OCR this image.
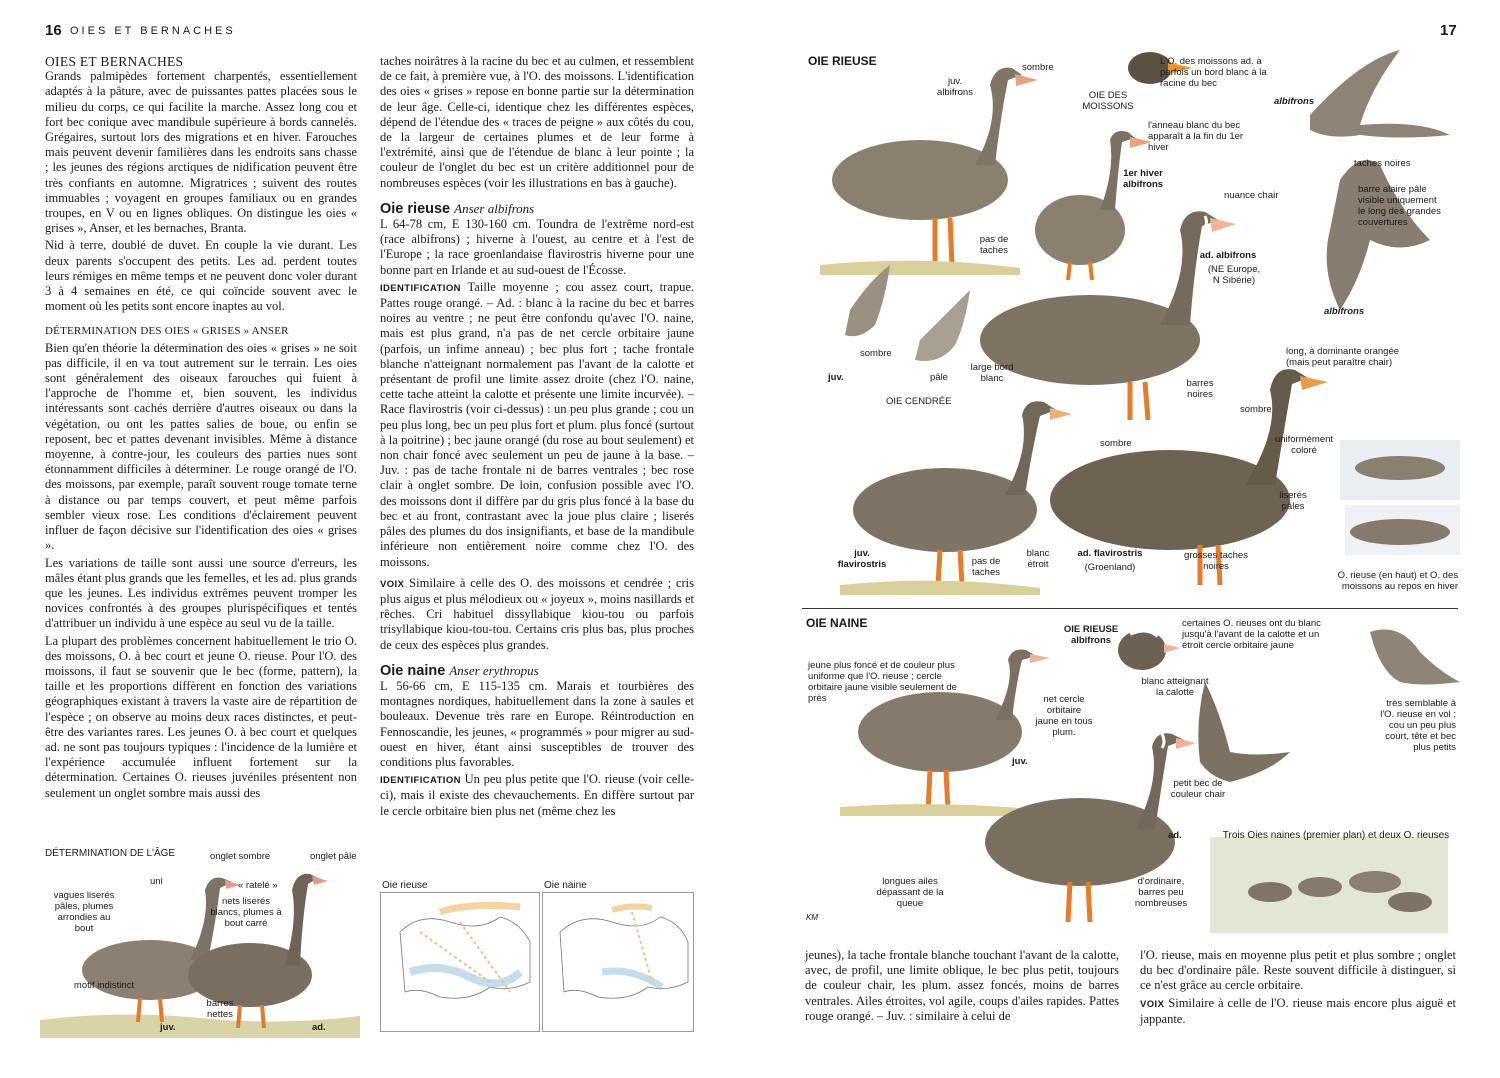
16 OIES ET BERNACHES
OIES ET BERNACHES

Grands palmipèdes fortement charpentés, essentiellement adaptés à la pâture, avec de puissantes pattes placées sous le milieu du corps, ce qui facilite la marche. Assez long cou et fort bec conique avec mandibule supérieure à bords cannelés. Grégaires, surtout lors des migrations et en hiver. Farouches mais peuvent devenir familières dans les endroits sans chasse ; les jeunes des régions arctiques de nidification peuvent être très confiants en automne. Migratrices ; suivent des routes immuables ; voyagent en groupes familiaux ou en grandes troupes, en V ou en lignes obliques. On distingue les oies « grises », Anser, et les bernaches, Branta.

Nid à terre, doublé de duvet. En couple la vie durant. Les deux parents s'occupent des petits. Les ad. perdent toutes leurs rémiges en même temps et ne peuvent donc voler durant 3 à 4 semaines en été, ce qui coïncide souvent avec le moment où les petits sont encore inaptes au vol.

DÉTERMINATION DES OIES « GRISES » ANSER

Bien qu'en théorie la détermination des oies « grises » ne soit pas difficile, il en va tout autrement sur le terrain. Les oies sont généralement des oiseaux farouches qui fuient à l'approche de l'homme et, bien souvent, les individus intéressants sont cachés derrière d'autres oiseaux ou dans la végétation, ou ont les pattes salies de boue, ou enfin se reposent, bec et pattes devenant invisibles. Même à distance moyenne, à contre-jour, les couleurs des parties nues sont étonnamment difficiles à déterminer. Le rouge orangé de l'O. des moissons, par exemple, paraît souvent rouge tomate terne à distance ou par temps couvert, et peut même parfois sembler vieux rose. Les conditions d'éclairement peuvent influer de façon décisive sur l'identification des oies « grises ».

Les variations de taille sont aussi une source d'erreurs, les mâles étant plus grands que les femelles, et les ad. plus grands que les jeunes. Les individus extrêmes peuvent tromper les novices confrontés à des groupes plurispécifiques et tentés d'attribuer un individu à une espèce au seul vu de la taille.

La plupart des problèmes concernent habituellement le trio O. des moissons, O. à bec court et jeune O. rieuse. Pour l'O. des moissons, il faut se souvenir que le bec (forme, pattern), la taille et les proportions diffèrent en fonction des variations géographiques existant à travers la vaste aire de répartition de l'espèce ; on observe au moins deux races distinctes, et peut-être des variantes rares. Les jeunes O. à bec court et quelques ad. ne sont pas toujours typiques : l'incidence de la lumière et l'expérience accumulée influent fortement sur la détermination. Certaines O. rieuses juvéniles présentent non seulement un onglet sombre mais aussi des

DÉTERMINATION DE L'ÂGE
uni
onglet sombre	onglet pâle
« ratelé »
vagues liserés pâles, plumes arrondies au bout
nets liserés blancs, plumes à bout carré
motif indistinct
barres nettes
juv.	ad.

taches noirâtres à la racine du bec et au culmen, et ressemblent de ce fait, à première vue, à l'O. des moissons. L'identification des oies « grises » repose en bonne partie sur la détermination de leur âge. Celle-ci, identique chez les différentes espèces, dépend de l'étendue des « traces de peigne » aux côtés du cou, de la largeur de certaines plumes et de leur forme à l'extrémité, ainsi que de l'étendue de blanc à leur pointe ; la couleur de l'onglet du bec est un critère additionnel pour de nombreuses espèces (voir les illustrations en bas à gauche).

Oie rieuse Anser albifrons

L 64-78 cm, E 130-160 cm. Toundra de l'extrême nord-est (race albifrons) ; hiverne à l'ouest, au centre et à l'est de l'Europe ; la race groenlandaise flavirostris hiverne pour une bonne part en Irlande et au sud-ouest de l'Écosse.

IDENTIFICATION Taille moyenne ; cou assez court, trapue. Pattes rouge orangé. – Ad. : blanc à la racine du bec et barres noires au ventre ; ne peut être confondu qu'avec l'O. naine, mais est plus grand, n'a pas de net cercle orbitaire jaune (parfois, un infime anneau) ; bec plus fort ; tache frontale blanche n'atteignant normalement pas l'avant de la calotte et présentant de profil une limite assez droite (chez l'O. naine, cette tache atteint la calotte et présente une limite incurvée). – Race flavirostris (voir ci-dessus) : un peu plus grande ; cou un peu plus long, bec un peu plus fort et plum. plus foncé (surtout à la poitrine) ; bec jaune orangé (du rose au bout seulement) et non chair foncé avec seulement un peu de jaune à la base. – Juv. : pas de tache frontale ni de barres ventrales ; bec rose clair à onglet sombre. De loin, confusion possible avec l'O. des moissons dont il diffère par du gris plus foncé à la base du bec et au front, contrastant avec la joue plus claire ; liserés pâles des plumes du dos insignifiants, et base de la mandibule inférieure non entièrement noire comme chez l'O. des moissons.

VOIX Similaire à celle des O. des moissons et cendrée ; cris plus aigus et plus mélodieux ou « joyeux », moins nasillards et rêches. Cri habituel dissyllabique kiou-tou ou parfois trisyllabique kiou-tou-tou. Certains cris plus bas, plus proches de ceux des espèces plus grandes.

Oie naine Anser erythropus

L 56-66 cm, E 115-135 cm. Marais et tourbières des montagnes nordiques, habituellement dans la zone à saules et bouleaux. Devenue très rare en Europe. Réintroduction en Fennoscandie, les jeunes, « programmés » pour migrer au sud-ouest en hiver, étant ainsi susceptibles de trouver des conditions plus favorables.

IDENTIFICATION Un peu plus petite que l'O. rieuse (voir celle-ci), mais il existe des chevauchements. En diffère surtout par le cercle orbitaire bien plus net (même chez les

Oie rieuse	Oie naine
17
OIE RIEUSE
juv. albifrons
sombre
OIE DES MOISSONS
L'O. des moissons ad. a parfois un bord blanc à la racine du bec
albifrons
taches noires
l'anneau blanc du bec apparaît à la fin du 1er hiver
1er hiver albifrons
nuance chair
barre alaire pâle visible uniquement le long des grandes couvertures
pas de taches	ad. albifrons
(NE Europe, N Sibérie)
albifrons
sombre
pâle
juv.
large bord blanc	barres noires
OIE CENDRÉE
long, à dominante orangée (mais peut paraître chair)
sombre
uniformément coloré
sombre
liserés pâles
juv. flavirostris	pas de taches
blanc étroit
ad. flavirostris
(Groenland)
grosses taches noires
O. rieuse (en haut) et O. des moissons au repos en hiver
OIE NAINE	OIE RIEUSE albifrons
certaines O. rieuses ont du blanc jusqu'à l'avant de la calotte et un étroit cercle orbitaire jaune
jeune plus foncé et de couleur plus uniforme que l'O. rieuse ; cercle orbitaire jaune visible seulement de près	net cercle orbitaire jaune en tous plum.
blanc atteignant la calotte
très semblable à l'O. rieuse en vol ; cou un peu plus court, tête et bec plus petits
juv.
petit bec de couleur chair
ad.	Trois Oies naines (premier plan) et deux O. rieuses
longues ailes dépassant de la queue
d'ordinaire, barres peu nombreuses
KM

jeunes), la tache frontale blanche touchant l'avant de la calotte, avec, de profil, une limite oblique, le bec plus petit, toujours de couleur chair, les plum. assez foncés, moins de barres ventrales. Ailes étroites, vol agile, coups d'ailes rapides. Pattes rouge orangé. – Juv. : similaire à celui de

l'O. rieuse, mais en moyenne plus petit et plus sombre ; onglet du bec d'ordinaire pâle. Reste souvent difficile à distinguer, si ce n'est grâce au cercle orbitaire.

VOIX Similaire à celle de l'O. rieuse mais encore plus aiguë et jappante.
